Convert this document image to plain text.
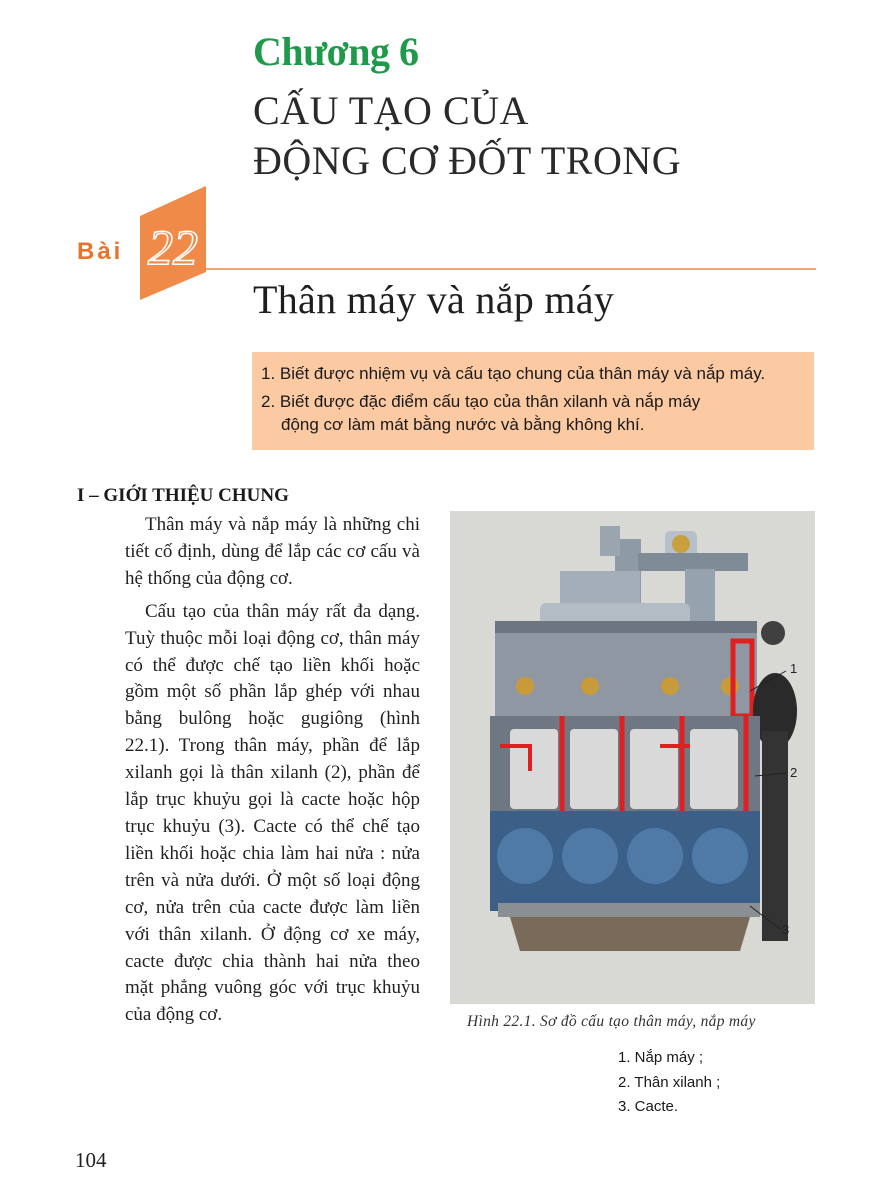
Chương 6
CẤU TẠO CỦA
ĐỘNG CƠ ĐỐT TRONG
Bài 22
Thân máy và nắp máy
1. Biết được nhiệm vụ và cấu tạo chung của thân máy và nắp máy.
2. Biết được đặc điểm cấu tạo của thân xilanh và nắp máy
động cơ làm mát bằng nước và bằng không khí.
I – GIỚI THIỆU CHUNG

Thân máy và nắp máy là những chi tiết cố định, dùng để lắp các cơ cấu và hệ thống của động cơ.

Cấu tạo của thân máy rất đa dạng. Tuỳ thuộc mỗi loại động cơ, thân máy có thể được chế tạo liền khối hoặc gồm một số phần lắp ghép với nhau bằng bulông hoặc gugiông (hình 22.1). Trong thân máy, phần để lắp xilanh gọi là thân xilanh (2), phần để lắp trục khuỷu gọi là cacte hoặc hộp trục khuỷu (3). Cacte có thể chế tạo liền khối hoặc chia làm hai nửa : nửa trên và nửa dưới. Ở một số loại động cơ, nửa trên của cacte được làm liền với thân xilanh. Ở động cơ xe máy, cacte được chia thành hai nửa theo mặt phẳng vuông góc với trục khuỷu của động cơ.

1
2
3
Hình 22.1. Sơ đồ cấu tạo thân máy, nắp máy
1. Nắp máy ;
2. Thân xilanh ;
3. Cacte.
104
